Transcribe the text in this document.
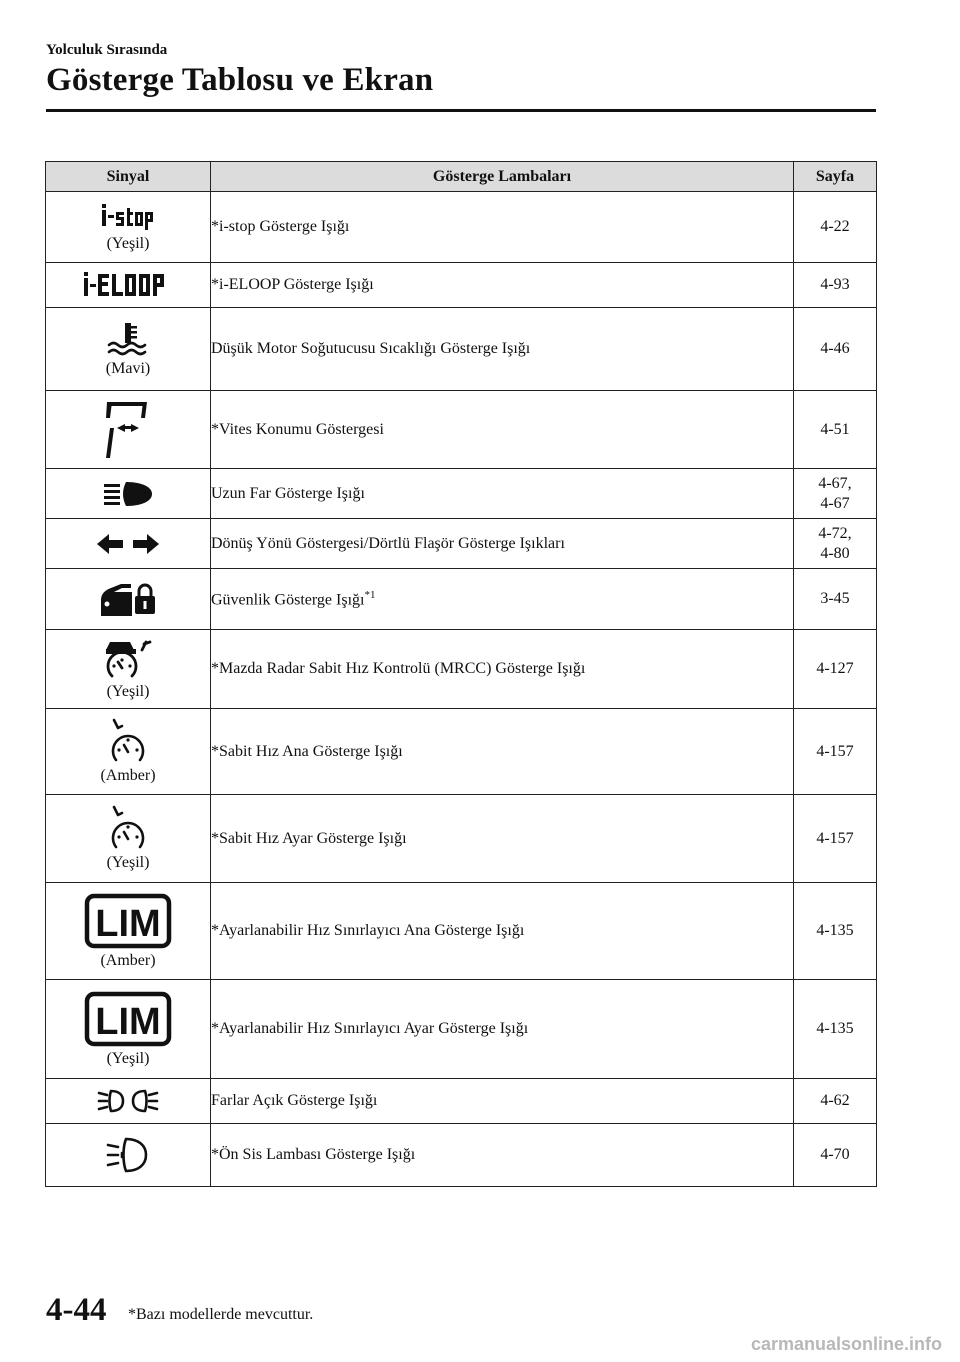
Yolculuk Sırasında
Gösterge Tablosu ve Ekran
Sinyal	Gösterge Lambaları	Sayfa

(Yeşil)	*i-stop Gösterge Işığı	4-22

	*i-ELOOP Gösterge Işığı	4-93

(Mavi)	Düşük Motor Soğutucusu Sıcaklığı Gösterge Işığı	4-46

	*Vites Konumu Göstergesi	4-51

	Uzun Far Gösterge Işığı	4-67,
4-67

	Dönüş Yönü Göstergesi/Dörtlü Flaşör Gösterge Işıkları	4-72,
4-80

	Güvenlik Gösterge Işığı$^{*1}$	3-45

(Yeşil)	*Mazda Radar Sabit Hız Kontrolü (MRCC) Gösterge Işığı	4-127

(Amber)	*Sabit Hız Ana Gösterge Işığı	4-157

(Yeşil)	*Sabit Hız Ayar Gösterge Işığı	4-157

LIM
(Amber)	*Ayarlanabilir Hız Sınırlayıcı Ana Gösterge Işığı	4-135

LIM
(Yeşil)	*Ayarlanabilir Hız Sınırlayıcı Ayar Gösterge Işığı	4-135

	Farlar Açık Gösterge Işığı	4-62

	*Ön Sis Lambası Gösterge Işığı	4-70
4-44 *Bazı modellerde mevcuttur.
carmanualsonline.info
